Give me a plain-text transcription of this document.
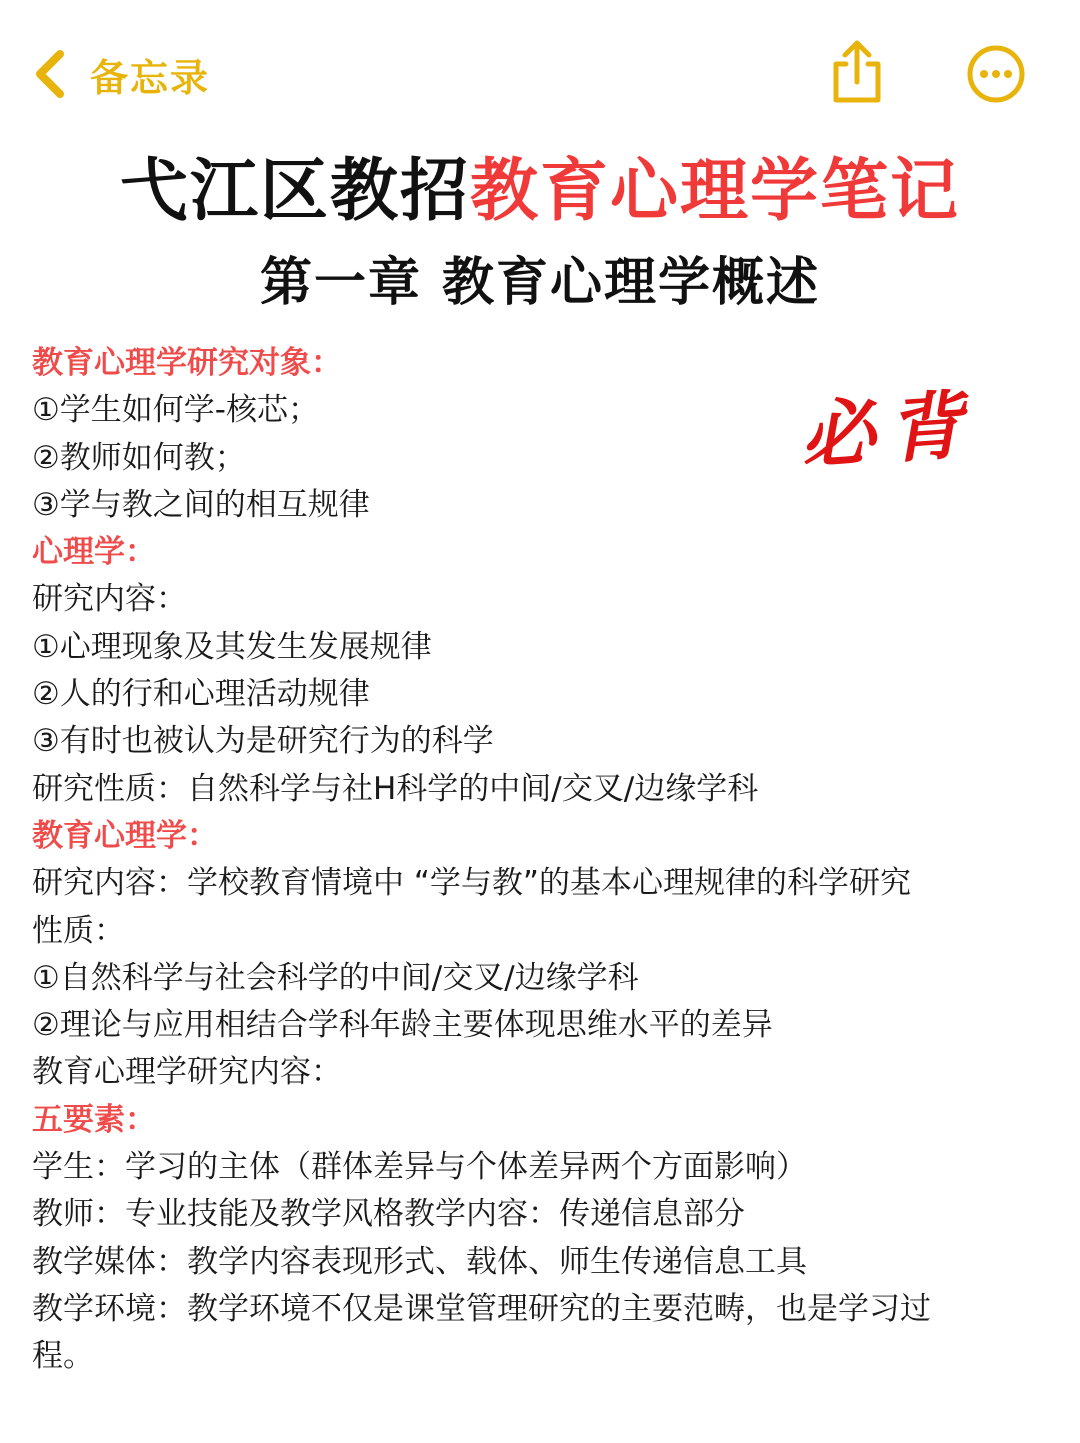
备忘录
弋江区教招教育心理学笔记
第一章 教育心理学概述
必背
教育心理学研究对象：
①学生如何学-核芯；
②教师如何教；
③学与教之间的相互规律
心理学：
研究内容：
①心理现象及其发生发展规律
②人的行和心理活动规律
③有时也被认为是研究行为的科学
研究性质：自然科学与社H科学的中间/交叉/边缘学科
教育心理学：
研究内容：学校教育情境中 “学与教”的基本心理规律的科学研究
性质：
①自然科学与社会科学的中间/交叉/边缘学科
②理论与应用相结合学科年龄主要体现思维水平的差异
教育心理学研究内容：
五要素：
学生：学习的主体（群体差异与个体差异两个方面影响）
教师：专业技能及教学风格教学内容：传递信息部分
教学媒体：教学内容表现形式、载体、师生传递信息工具
教学环境：教学环境不仅是课堂管理研究的主要范畴，也是学习过
程。
